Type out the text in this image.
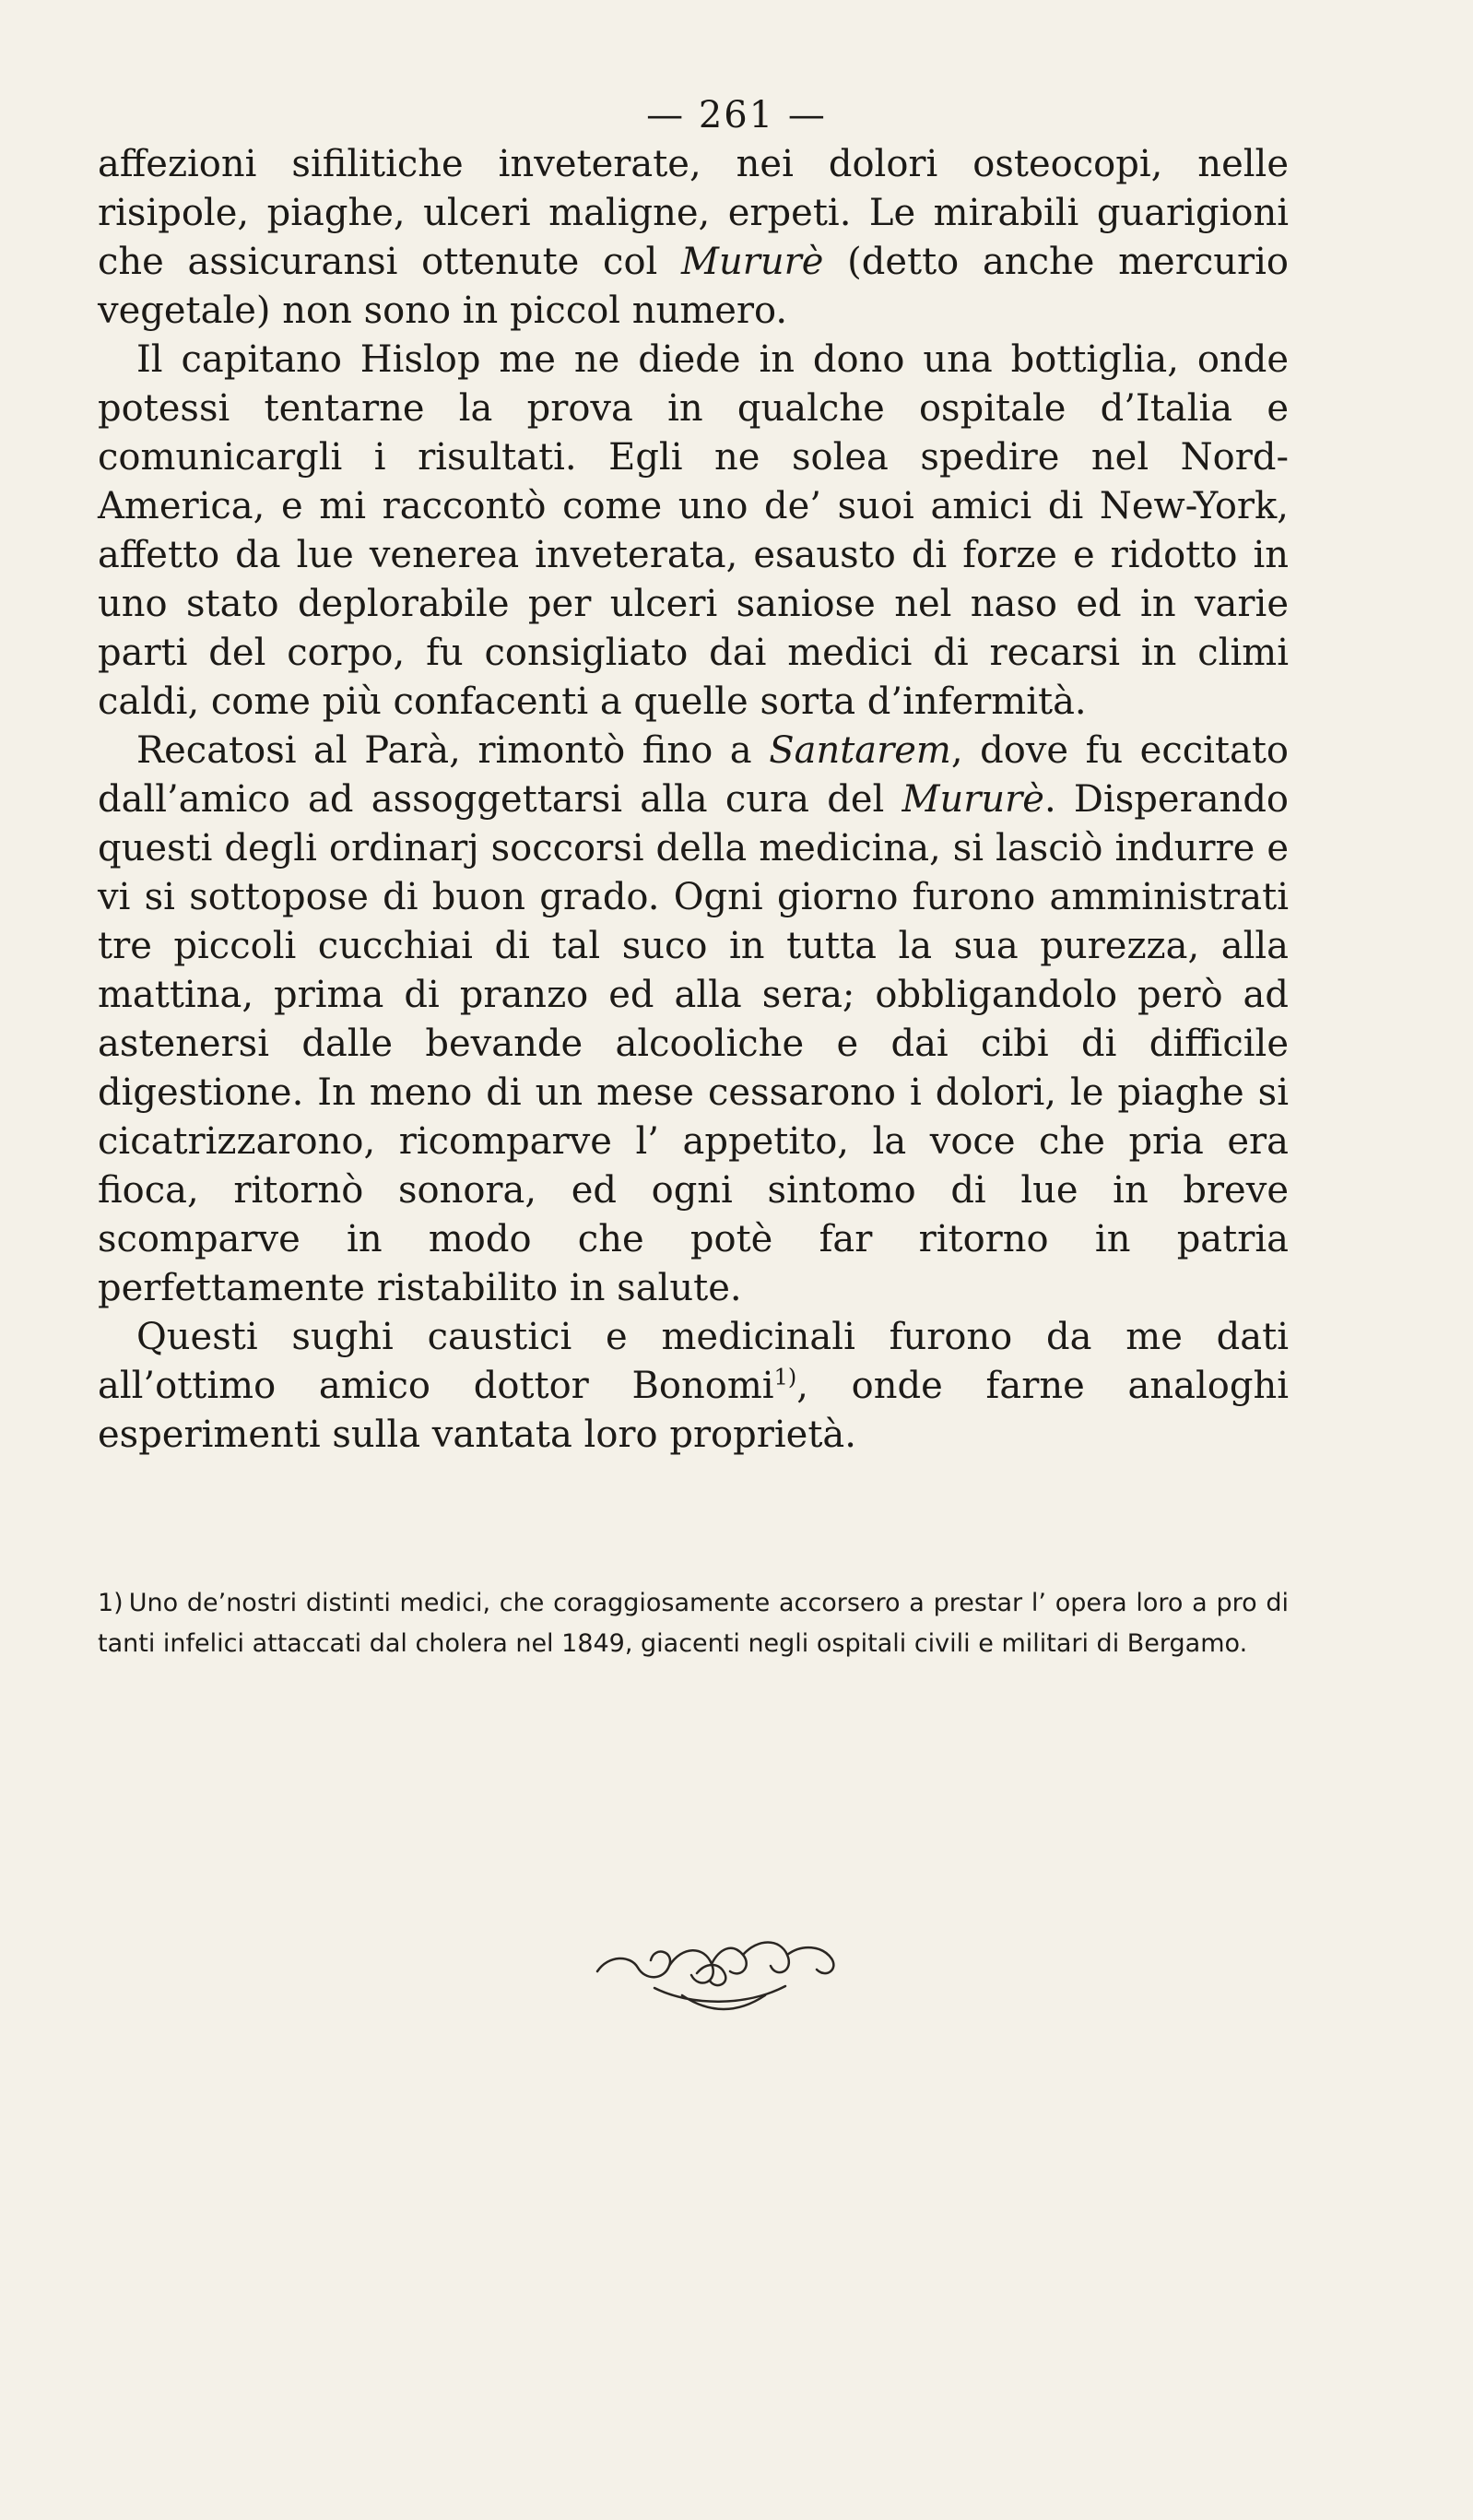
— 261 —

affezioni sifilitiche inveterate, nei dolori osteocopi, nelle risipole, piaghe, ulceri maligne, erpeti. Le mirabili guarigioni che assicuransi ottenute col Mururè (detto anche mercurio vegetale) non sono in piccol numero.

Il capitano Hislop me ne diede in dono una bottiglia, onde potessi tentarne la prova in qualche ospitale d’Italia e comunicargli i risultati. Egli ne solea spedire nel Nord-America, e mi raccontò come uno de’ suoi amici di New-York, affetto da lue venerea inveterata, esausto di forze e ridotto in uno stato deplorabile per ulceri saniose nel naso ed in varie parti del corpo, fu consigliato dai medici di recarsi in climi caldi, come più confacenti a quelle sorta d’infermità.

Recatosi al Parà, rimontò fino a Santarem, dove fu eccitato dall’amico ad assoggettarsi alla cura del Mururè. Disperando questi degli ordinarj soccorsi della medicina, si lasciò indurre e vi si sottopose di buon grado. Ogni giorno furono amministrati tre piccoli cucchiai di tal suco in tutta la sua purezza, alla mattina, prima di pranzo ed alla sera; obbligandolo però ad astenersi dalle bevande alcooliche e dai cibi di difficile digestione. In meno di un mese cessarono i dolori, le piaghe si cicatrizzarono, ricomparve l’ appetito, la voce che pria era fioca, ritornò sonora, ed ogni sintomo di lue in breve scomparve in modo che potè far ritorno in patria perfettamente ristabilito in salute.

Questi sughi caustici e medicinali furono da me dati all’ottimo amico dottor Bonomi$^{1)}$, onde farne analoghi esperimenti sulla vantata loro proprietà.

1) Uno de’nostri distinti medici, che coraggiosamente accorsero a prestar l’ opera loro a pro di tanti infelici attaccati dal cholera nel 1849, giacenti negli ospitali civili e militari di Bergamo.
